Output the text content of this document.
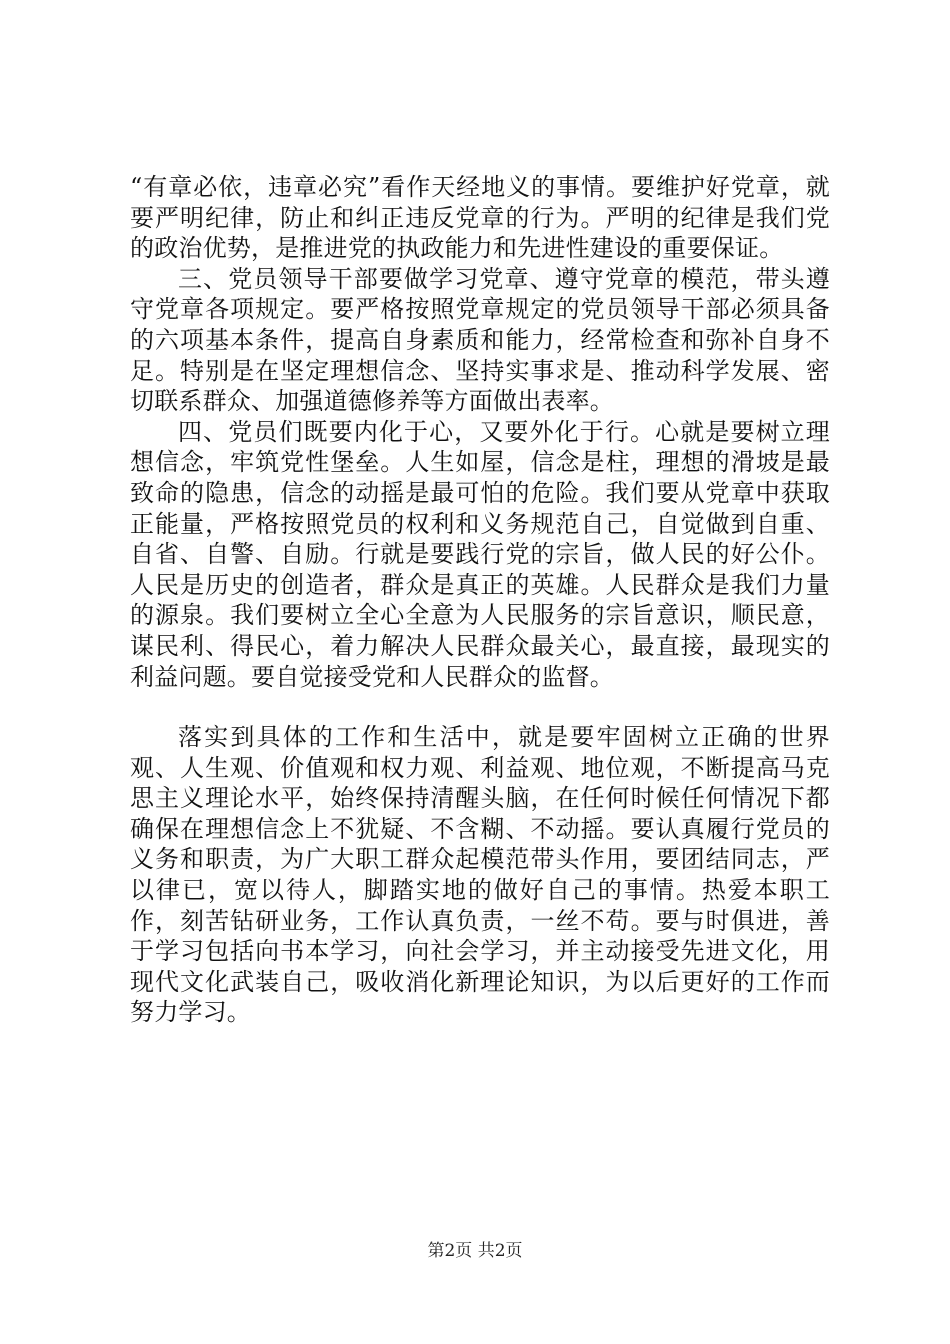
“有章必依，违章必究”看作天经地义的事情。要维护好党章，就要严明纪律，防止和纠正违反党章的行为。严明的纪律是我们党的政治优势，是推进党的执政能力和先进性建设的重要保证。

三、党员领导干部要做学习党章、遵守党章的模范，带头遵守党章各项规定。要严格按照党章规定的党员领导干部必须具备的六项基本条件，提高自身素质和能力，经常检查和弥补自身不足。特别是在坚定理想信念、坚持实事求是、推动科学发展、密切联系群众、加强道德修养等方面做出表率。

四、党员们既要内化于心，又要外化于行。心就是要树立理想信念，牢筑党性堡垒。人生如屋，信念是柱，理想的滑坡是最致命的隐患，信念的动摇是最可怕的危险。我们要从党章中获取正能量，严格按照党员的权利和义务规范自己，自觉做到自重、自省、自警、自励。行就是要践行党的宗旨，做人民的好公仆。人民是历史的创造者，群众是真正的英雄。人民群众是我们力量的源泉。我们要树立全心全意为人民服务的宗旨意识，顺民意，谋民利、得民心，着力解决人民群众最关心，最直接，最现实的利益问题。要自觉接受党和人民群众的监督。

落实到具体的工作和生活中，就是要牢固树立正确的世界观、人生观、价值观和权力观、利益观、地位观，不断提高马克思主义理论水平，始终保持清醒头脑，在任何时候任何情况下都确保在理想信念上不犹疑、不含糊、不动摇。要认真履行党员的义务和职责，为广大职工群众起模范带头作用，要团结同志，严以律已，宽以待人，脚踏实地的做好自己的事情。热爱本职工作，刻苦钻研业务，工作认真负责，一丝不苟。要与时俱进，善于学习包括向书本学习，向社会学习，并主动接受先进文化，用现代文化武装自己，吸收消化新理论知识，为以后更好的工作而努力学习。

第2页 共2页
